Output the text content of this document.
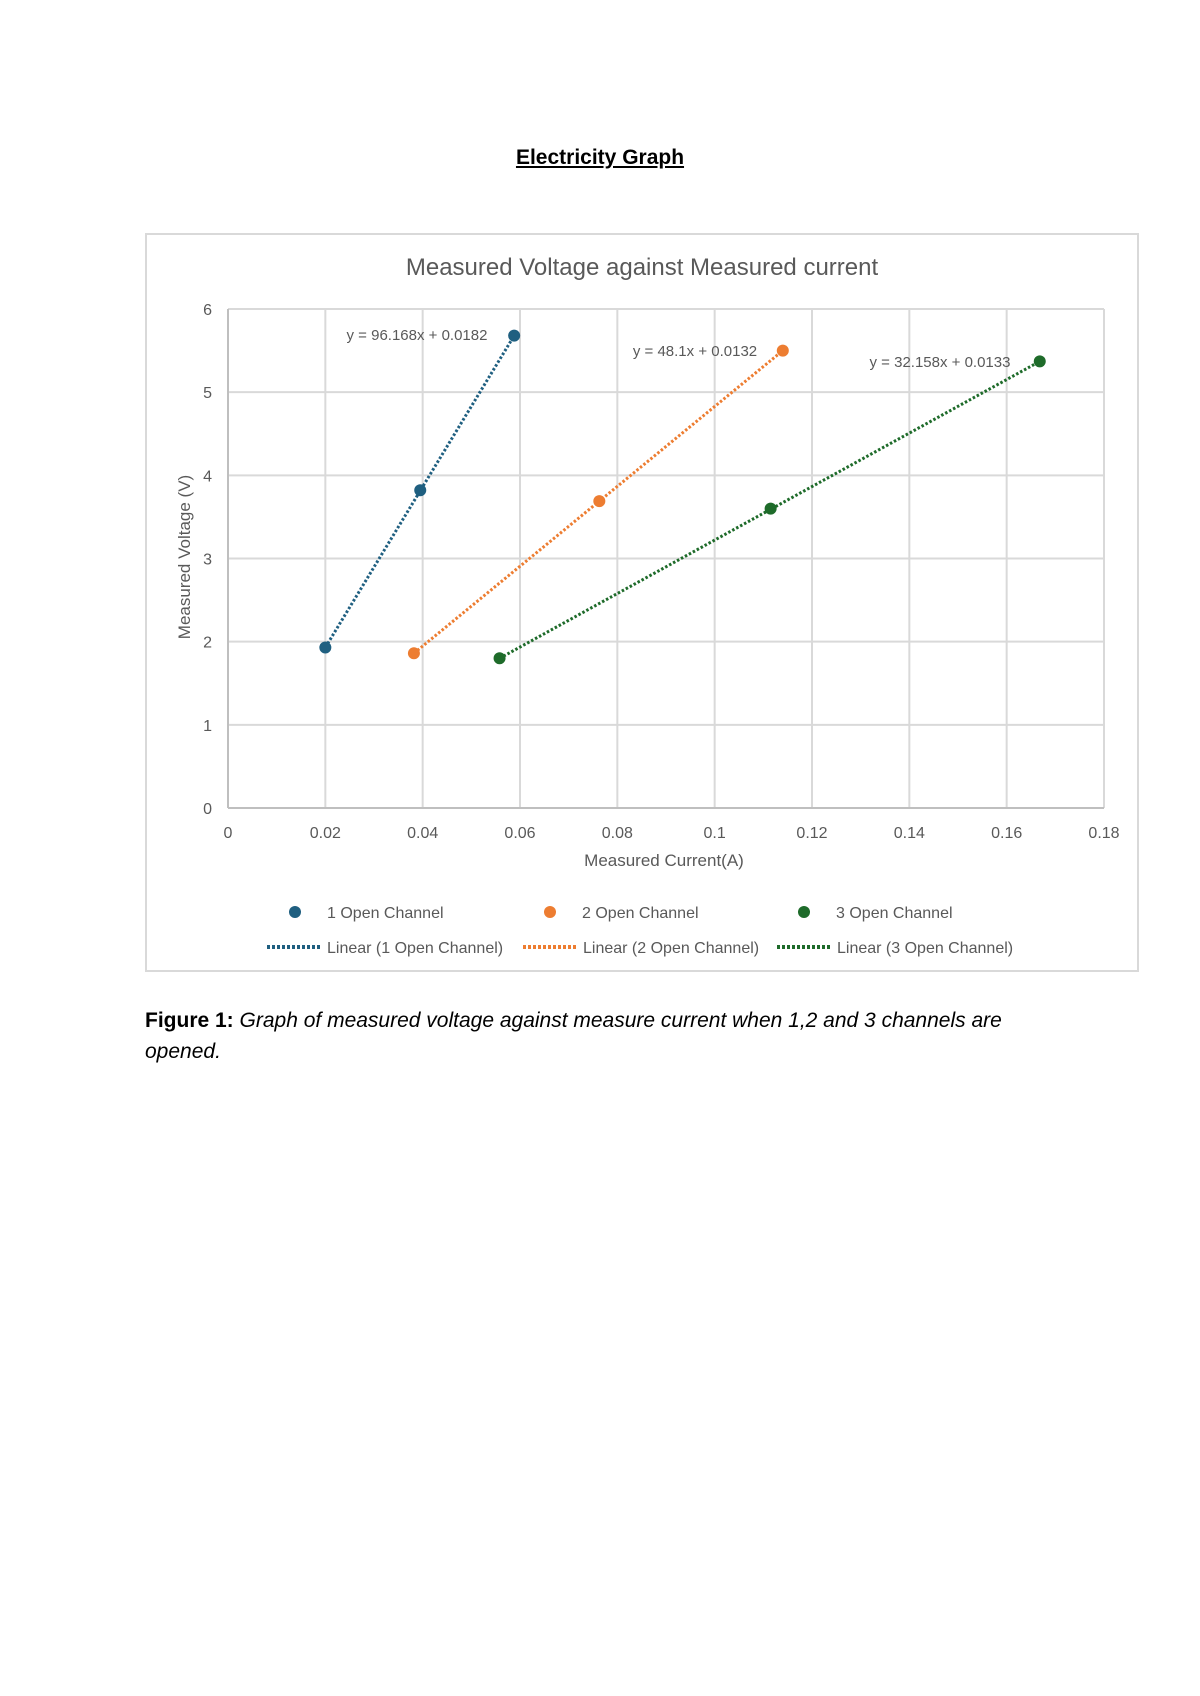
Electricity Graph
Measured Voltage against Measured current
0	0.02	0.04	0.06	0.08	0.1	0.12	0.14	0.16	0.18
0
1
2
3
4
5
6
Measured Current(A)
Measured Voltage (V)
y = 96.168x + 0.0182
y = 48.1x + 0.0132
y = 32.158x + 0.0133
1 Open Channel
Linear (1 Open Channel)
2 Open Channel
Linear (2 Open Channel)
3 Open Channel
Linear (3 Open Channel)
Figure 1: Graph of measured voltage against measure current when 1,2 and 3 channels are opened.
